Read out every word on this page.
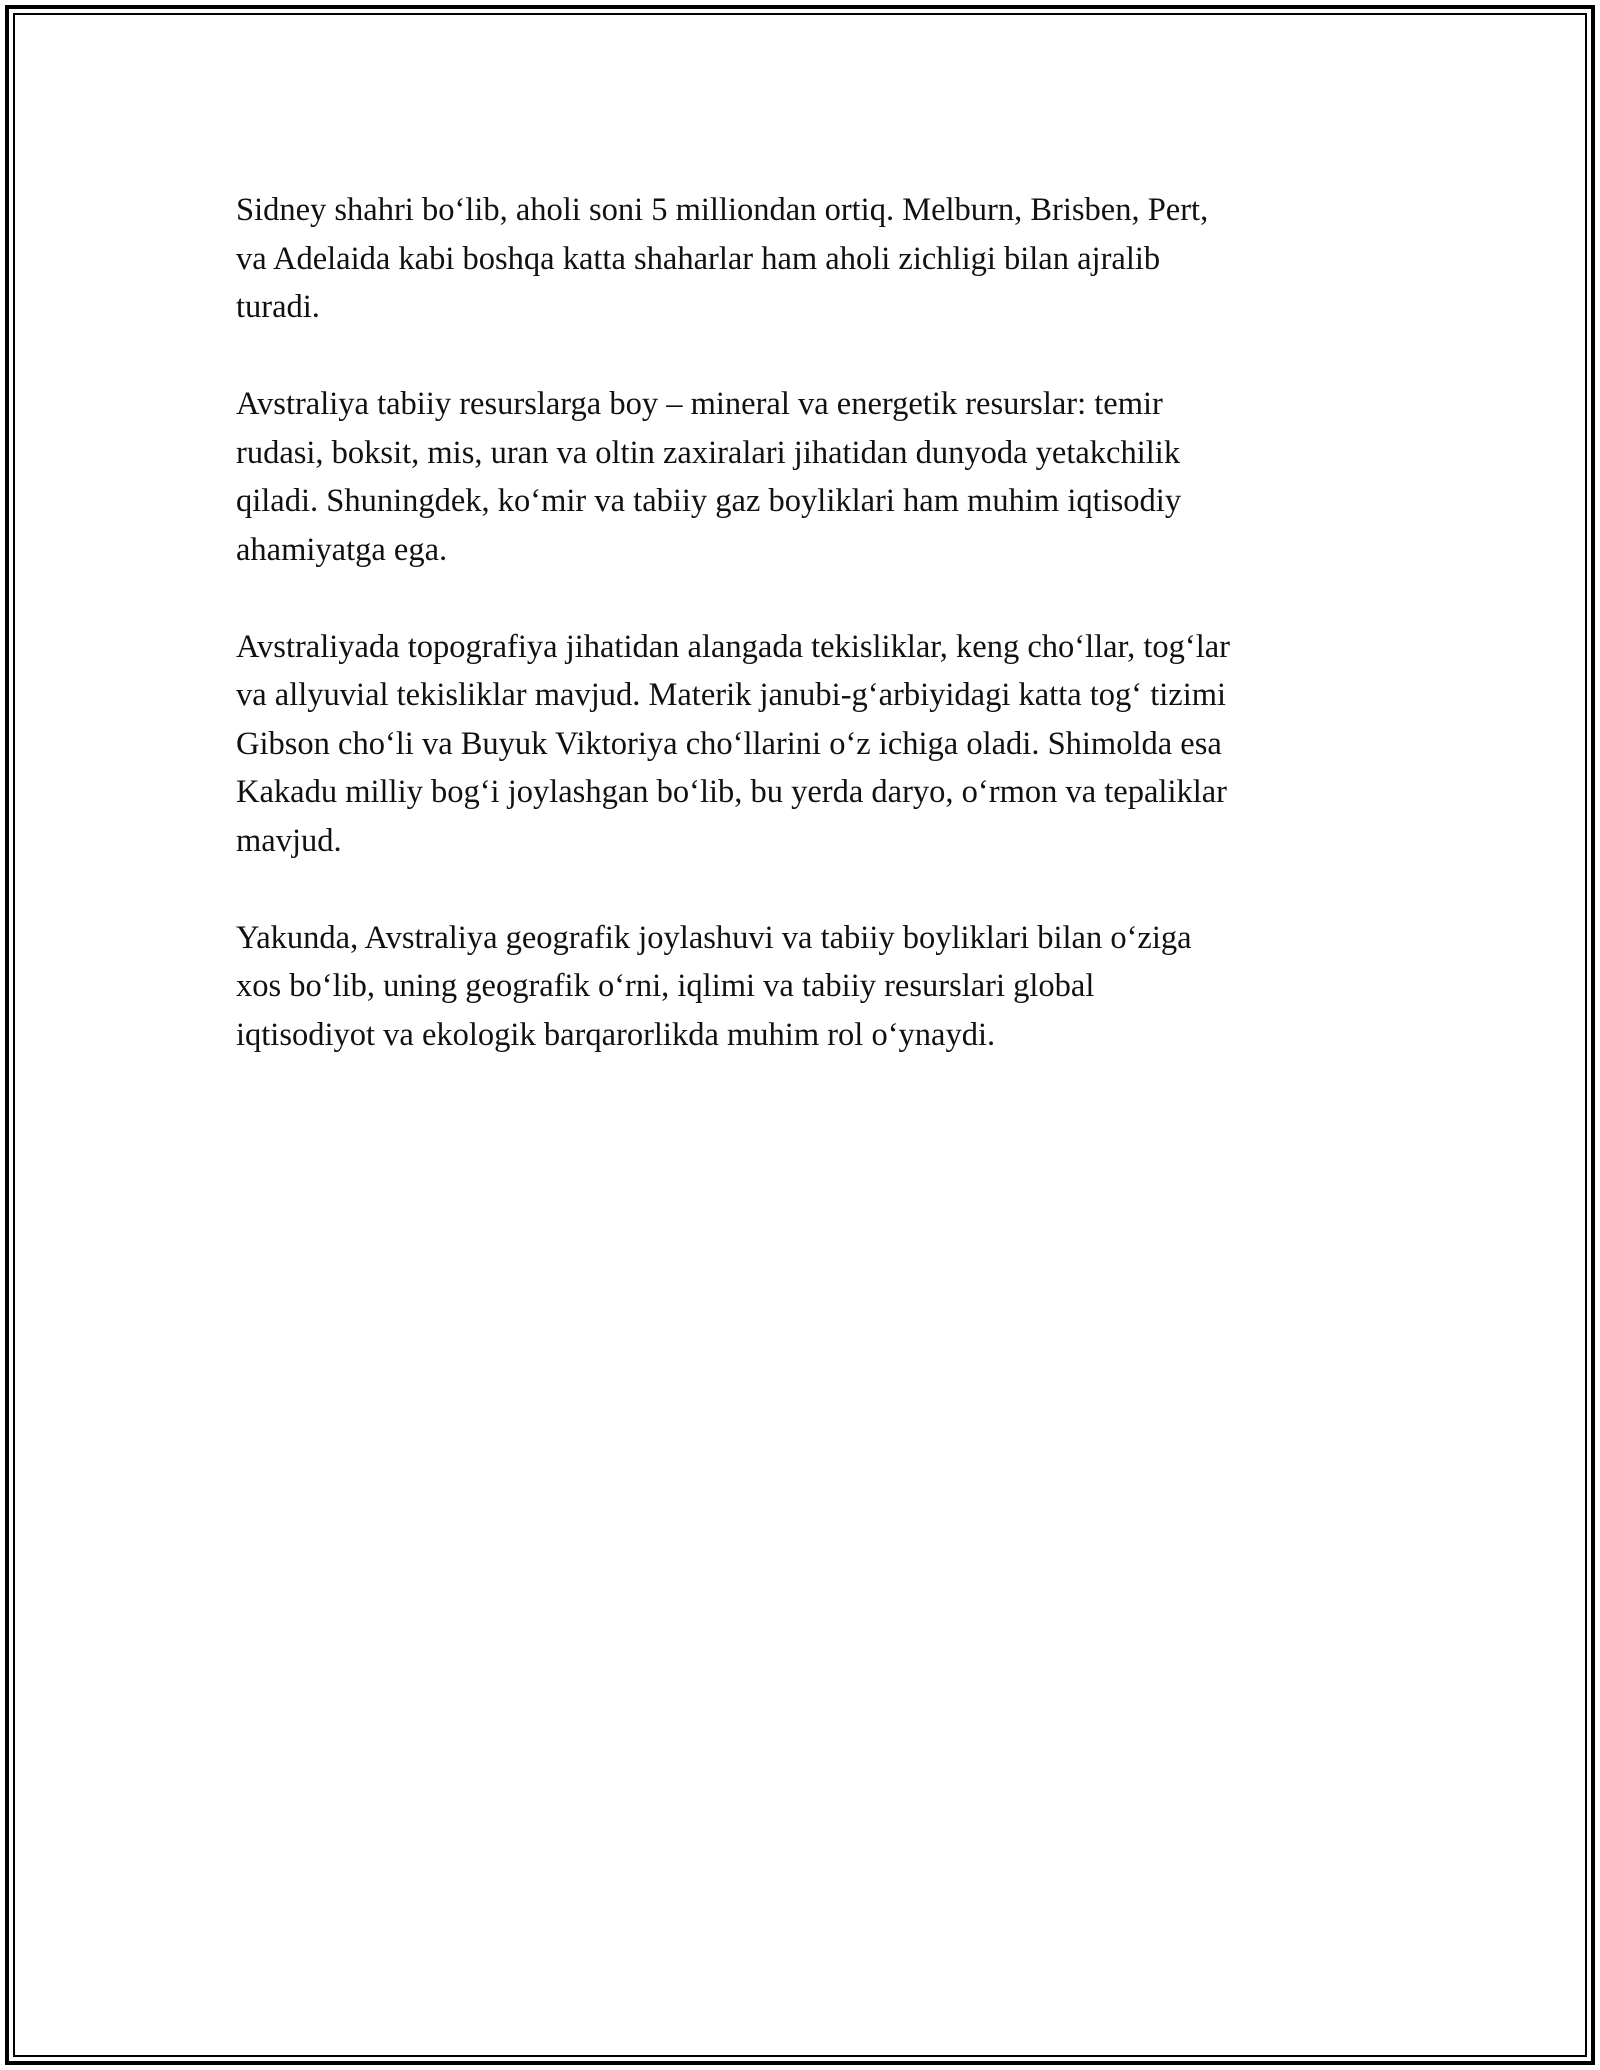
Sidney shahri bo‘lib, aholi soni 5 milliondan ortiq. Melburn, Brisben, Pert,
va Adelaida kabi boshqa katta shaharlar ham aholi zichligi bilan ajralib
turadi.

Avstraliya tabiiy resurslarga boy – mineral va energetik resurslar: temir
rudasi, boksit, mis, uran va oltin zaxiralari jihatidan dunyoda yetakchilik
qiladi. Shuningdek, ko‘mir va tabiiy gaz boyliklari ham muhim iqtisodiy
ahamiyatga ega.

Avstraliyada topografiya jihatidan alangada tekisliklar, keng cho‘llar, tog‘lar
va allyuvial tekisliklar mavjud. Materik janubi-g‘arbiyidagi katta tog‘ tizimi
Gibson cho‘li va Buyuk Viktoriya cho‘llarini o‘z ichiga oladi. Shimolda esa
Kakadu milliy bog‘i joylashgan bo‘lib, bu yerda daryo, o‘rmon va tepaliklar
mavjud.

Yakunda, Avstraliya geografik joylashuvi va tabiiy boyliklari bilan o‘ziga
xos bo‘lib, uning geografik o‘rni, iqlimi va tabiiy resurslari global
iqtisodiyot va ekologik barqarorlikda muhim rol o‘ynaydi.
